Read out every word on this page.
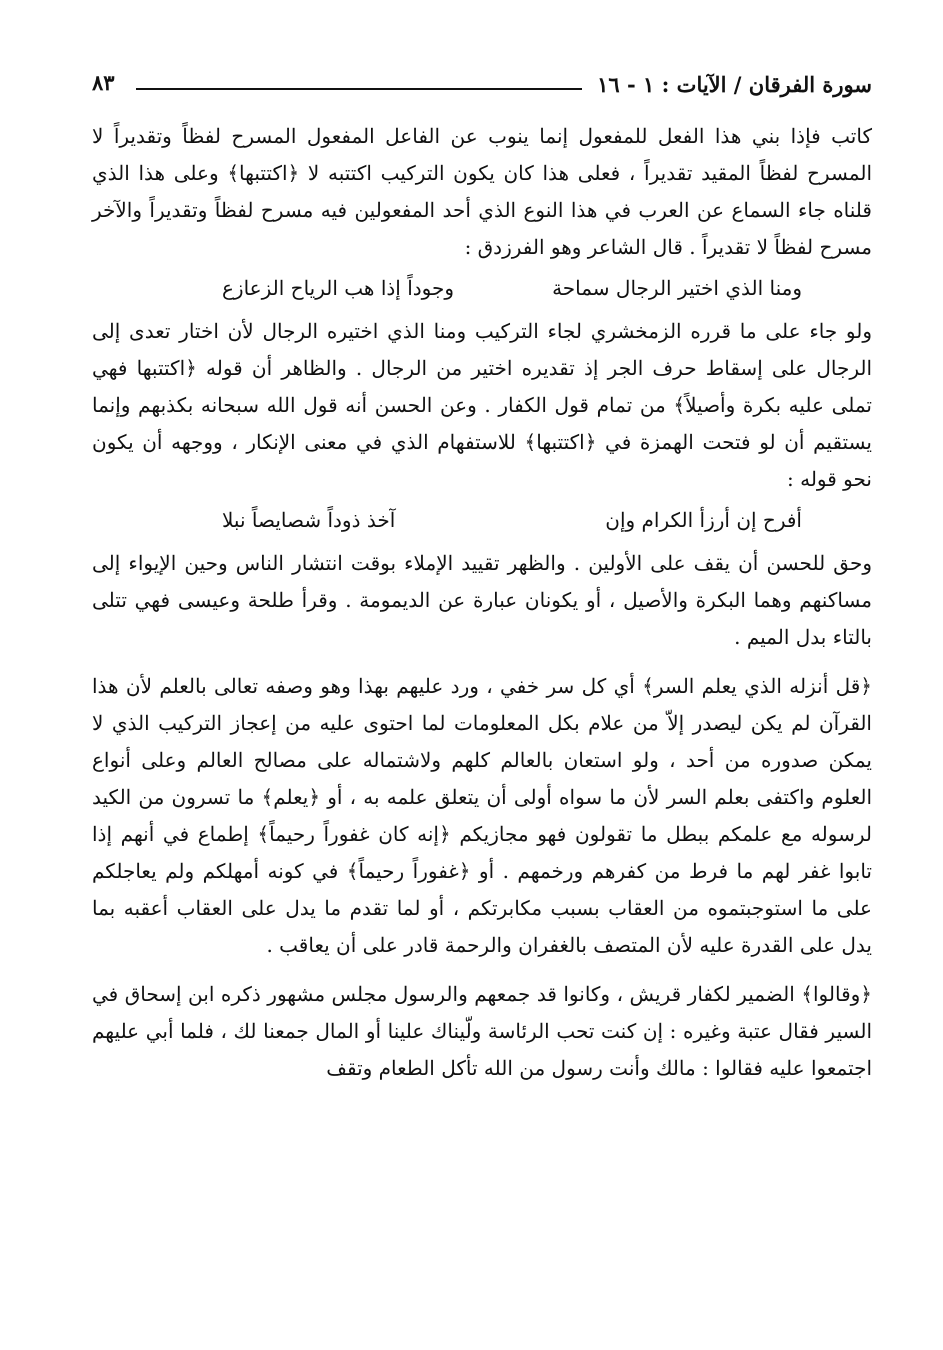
سورة الفرقان / الآيات : ١ - ١٦
٨٣

كاتب فإذا بني هذا الفعل للمفعول إنما ينوب عن الفاعل المفعول المسرح لفظاً وتقديراً لا المسرح لفظاً المقيد تقديراً ، فعلى هذا كان يكون التركيب اكتتبه لا ﴿اكتتبها﴾ وعلى هذا الذي قلناه جاء السماع عن العرب في هذا النوع الذي أحد المفعولين فيه مسرح لفظاً وتقديراً والآخر مسرح لفظاً لا تقديراً . قال الشاعر وهو الفرزدق :

ومنا الذي اختير الرجال سماحة
وجوداً إذا هب الرياح الزعازع

ولو جاء على ما قرره الزمخشري لجاء التركيب ومنا الذي اختيره الرجال لأن اختار تعدى إلى الرجال على إسقاط حرف الجر إذ تقديره اختير من الرجال . والظاهر أن قوله ﴿اكتتبها فهي تملى عليه بكرة وأصيلاً﴾ من تمام قول الكفار . وعن الحسن أنه قول الله سبحانه بكذبهم وإنما يستقيم أن لو فتحت الهمزة في ﴿اكتتبها﴾ للاستفهام الذي في معنى الإنكار ، ووجهه أن يكون نحو قوله :

أفرح إن أرزأ الكرام وإن
آخذ ذوداً شصايصاً نبلا

وحق للحسن أن يقف على الأولين . والظهر تقييد الإملاء بوقت انتشار الناس وحين الإيواء إلى مساكنهم وهما البكرة والأصيل ، أو يكونان عبارة عن الديمومة . وقرأ طلحة وعيسى فهي تتلى بالتاء بدل الميم .

﴿قل أنزله الذي يعلم السر﴾ أي كل سر خفي ، ورد عليهم بهذا وهو وصفه تعالى بالعلم لأن هذا القرآن لم يكن ليصدر إلاّ من علام بكل المعلومات لما احتوى عليه من إعجاز التركيب الذي لا يمكن صدوره من أحد ، ولو استعان بالعالم كلهم ولاشتماله على مصالح العالم وعلى أنواع العلوم واكتفى بعلم السر لأن ما سواه أولى أن يتعلق علمه به ، أو ﴿يعلم﴾ ما تسرون من الكيد لرسوله مع علمكم ببطل ما تقولون فهو مجازيكم ﴿إنه كان غفوراً رحيماً﴾ إطماع في أنهم إذا تابوا غفر لهم ما فرط من كفرهم ورخمهم . أو ﴿غفوراً رحيماً﴾ في كونه أمهلكم ولم يعاجلكم على ما استوجبتموه من العقاب بسبب مكابرتكم ، أو لما تقدم ما يدل على العقاب أعقبه بما يدل على القدرة عليه لأن المتصف بالغفران والرحمة قادر على أن يعاقب .

﴿وقالوا﴾ الضمير لكفار قريش ، وكانوا قد جمعهم والرسول مجلس مشهور ذكره ابن إسحاق في السير فقال عتبة وغيره : إن كنت تحب الرئاسة ولّيناك علينا أو المال جمعنا لك ، فلما أبي عليهم اجتمعوا عليه فقالوا : مالك وأنت رسول من الله تأكل الطعام وتقف
